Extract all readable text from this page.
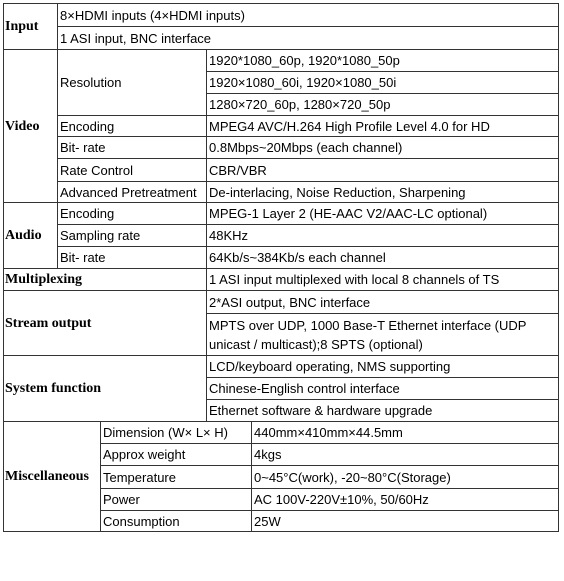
Input	8×HDMI inputs (4×HDMI inputs)			
	1 ASI input, BNC interface			
Video	Resolution		1920*1080_60p, 1920*1080_50p	
			1920×1080_60i, 1920×1080_50i	
			1280×720_60p, 1280×720_50p	
	Encoding		MPEG4 AVC/H.264 High Profile Level 4.0 for HD	
	Bit- rate		0.8Mbps~20Mbps (each channel)	
	Rate Control		CBR/VBR	
	Advanced Pretreatment		De-interlacing, Noise Reduction, Sharpening	
Audio	Encoding		MPEG-1 Layer 2 (HE-AAC V2/AAC-LC optional)	
	Sampling rate		48KHz	
	Bit- rate		64Kb/s~384Kb/s each channel	
Multiplexing			1 ASI input multiplexed with local 8 channels of TS	
Stream output			2*ASI output, BNC interface	
			MPTS over UDP, 1000 Base-T Ethernet interface (UDP unicast / multicast);8 SPTS (optional)	
System function			LCD/keyboard operating, NMS supporting	
			Chinese-English control interface	
			Ethernet software & hardware upgrade	
Miscellaneous		Dimension (W× L× H)		440mm×410mm×44.5mm
		Approx weight		4kgs
		Temperature		0~45°C(work), -20~80°C(Storage)
		Power		AC 100V-220V±10%, 50/60Hz
		Consumption		25W
